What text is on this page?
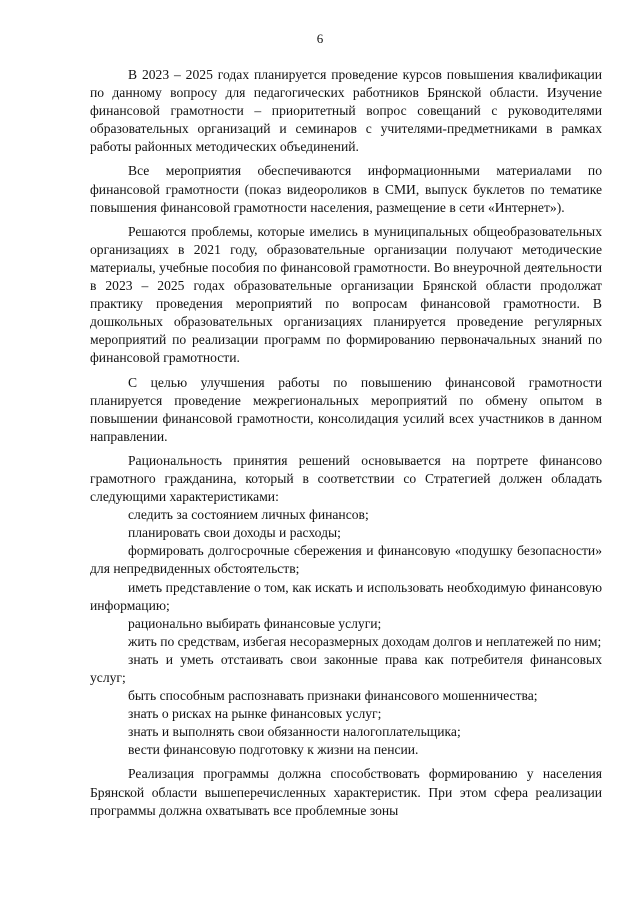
6

В 2023 – 2025 годах планируется проведение курсов повышения квалификации по данному вопросу для педагогических работников Брянской области. Изучение финансовой грамотности – приоритетный вопрос совещаний с руководителями образовательных организаций и семинаров с учителями-предметниками в рамках работы районных методических объединений.

Все мероприятия обеспечиваются информационными материалами по финансовой грамотности (показ видеороликов в СМИ, выпуск буклетов по тематике повышения финансовой грамотности населения, размещение в сети «Интернет»).

Решаются проблемы, которые имелись в муниципальных общеобразовательных организациях в 2021 году, образовательные организации получают методические материалы, учебные пособия по финансовой грамотности. Во внеурочной деятельности в 2023 – 2025 годах образовательные организации Брянской области продолжат практику проведения мероприятий по вопросам финансовой грамотности. В дошкольных образовательных организациях планируется проведение регулярных мероприятий по реализации программ по формированию первоначальных знаний по финансовой грамотности.

С целью улучшения работы по повышению финансовой грамотности планируется проведение межрегиональных мероприятий по обмену опытом в повышении финансовой грамотности, консолидация усилий всех участников в данном направлении.

Рациональность принятия решений основывается на портрете финансово грамотного гражданина, который в соответствии со Стратегией должен обладать следующими характеристиками:

следить за состоянием личных финансов;

планировать свои доходы и расходы;

формировать долгосрочные сбережения и финансовую «подушку безопасности» для непредвиденных обстоятельств;

иметь представление о том, как искать и использовать необходимую финансовую информацию;

рационально выбирать финансовые услуги;

жить по средствам, избегая несоразмерных доходам долгов и неплатежей по ним;

знать и уметь отстаивать свои законные права как потребителя финансовых услуг;

быть способным распознавать признаки финансового мошенничества;

знать о рисках на рынке финансовых услуг;

знать и выполнять свои обязанности налогоплательщика;

вести финансовую подготовку к жизни на пенсии.

Реализация программы должна способствовать формированию у населения Брянской области вышеперечисленных характеристик. При этом сфера реализации программы должна охватывать все проблемные зоны
